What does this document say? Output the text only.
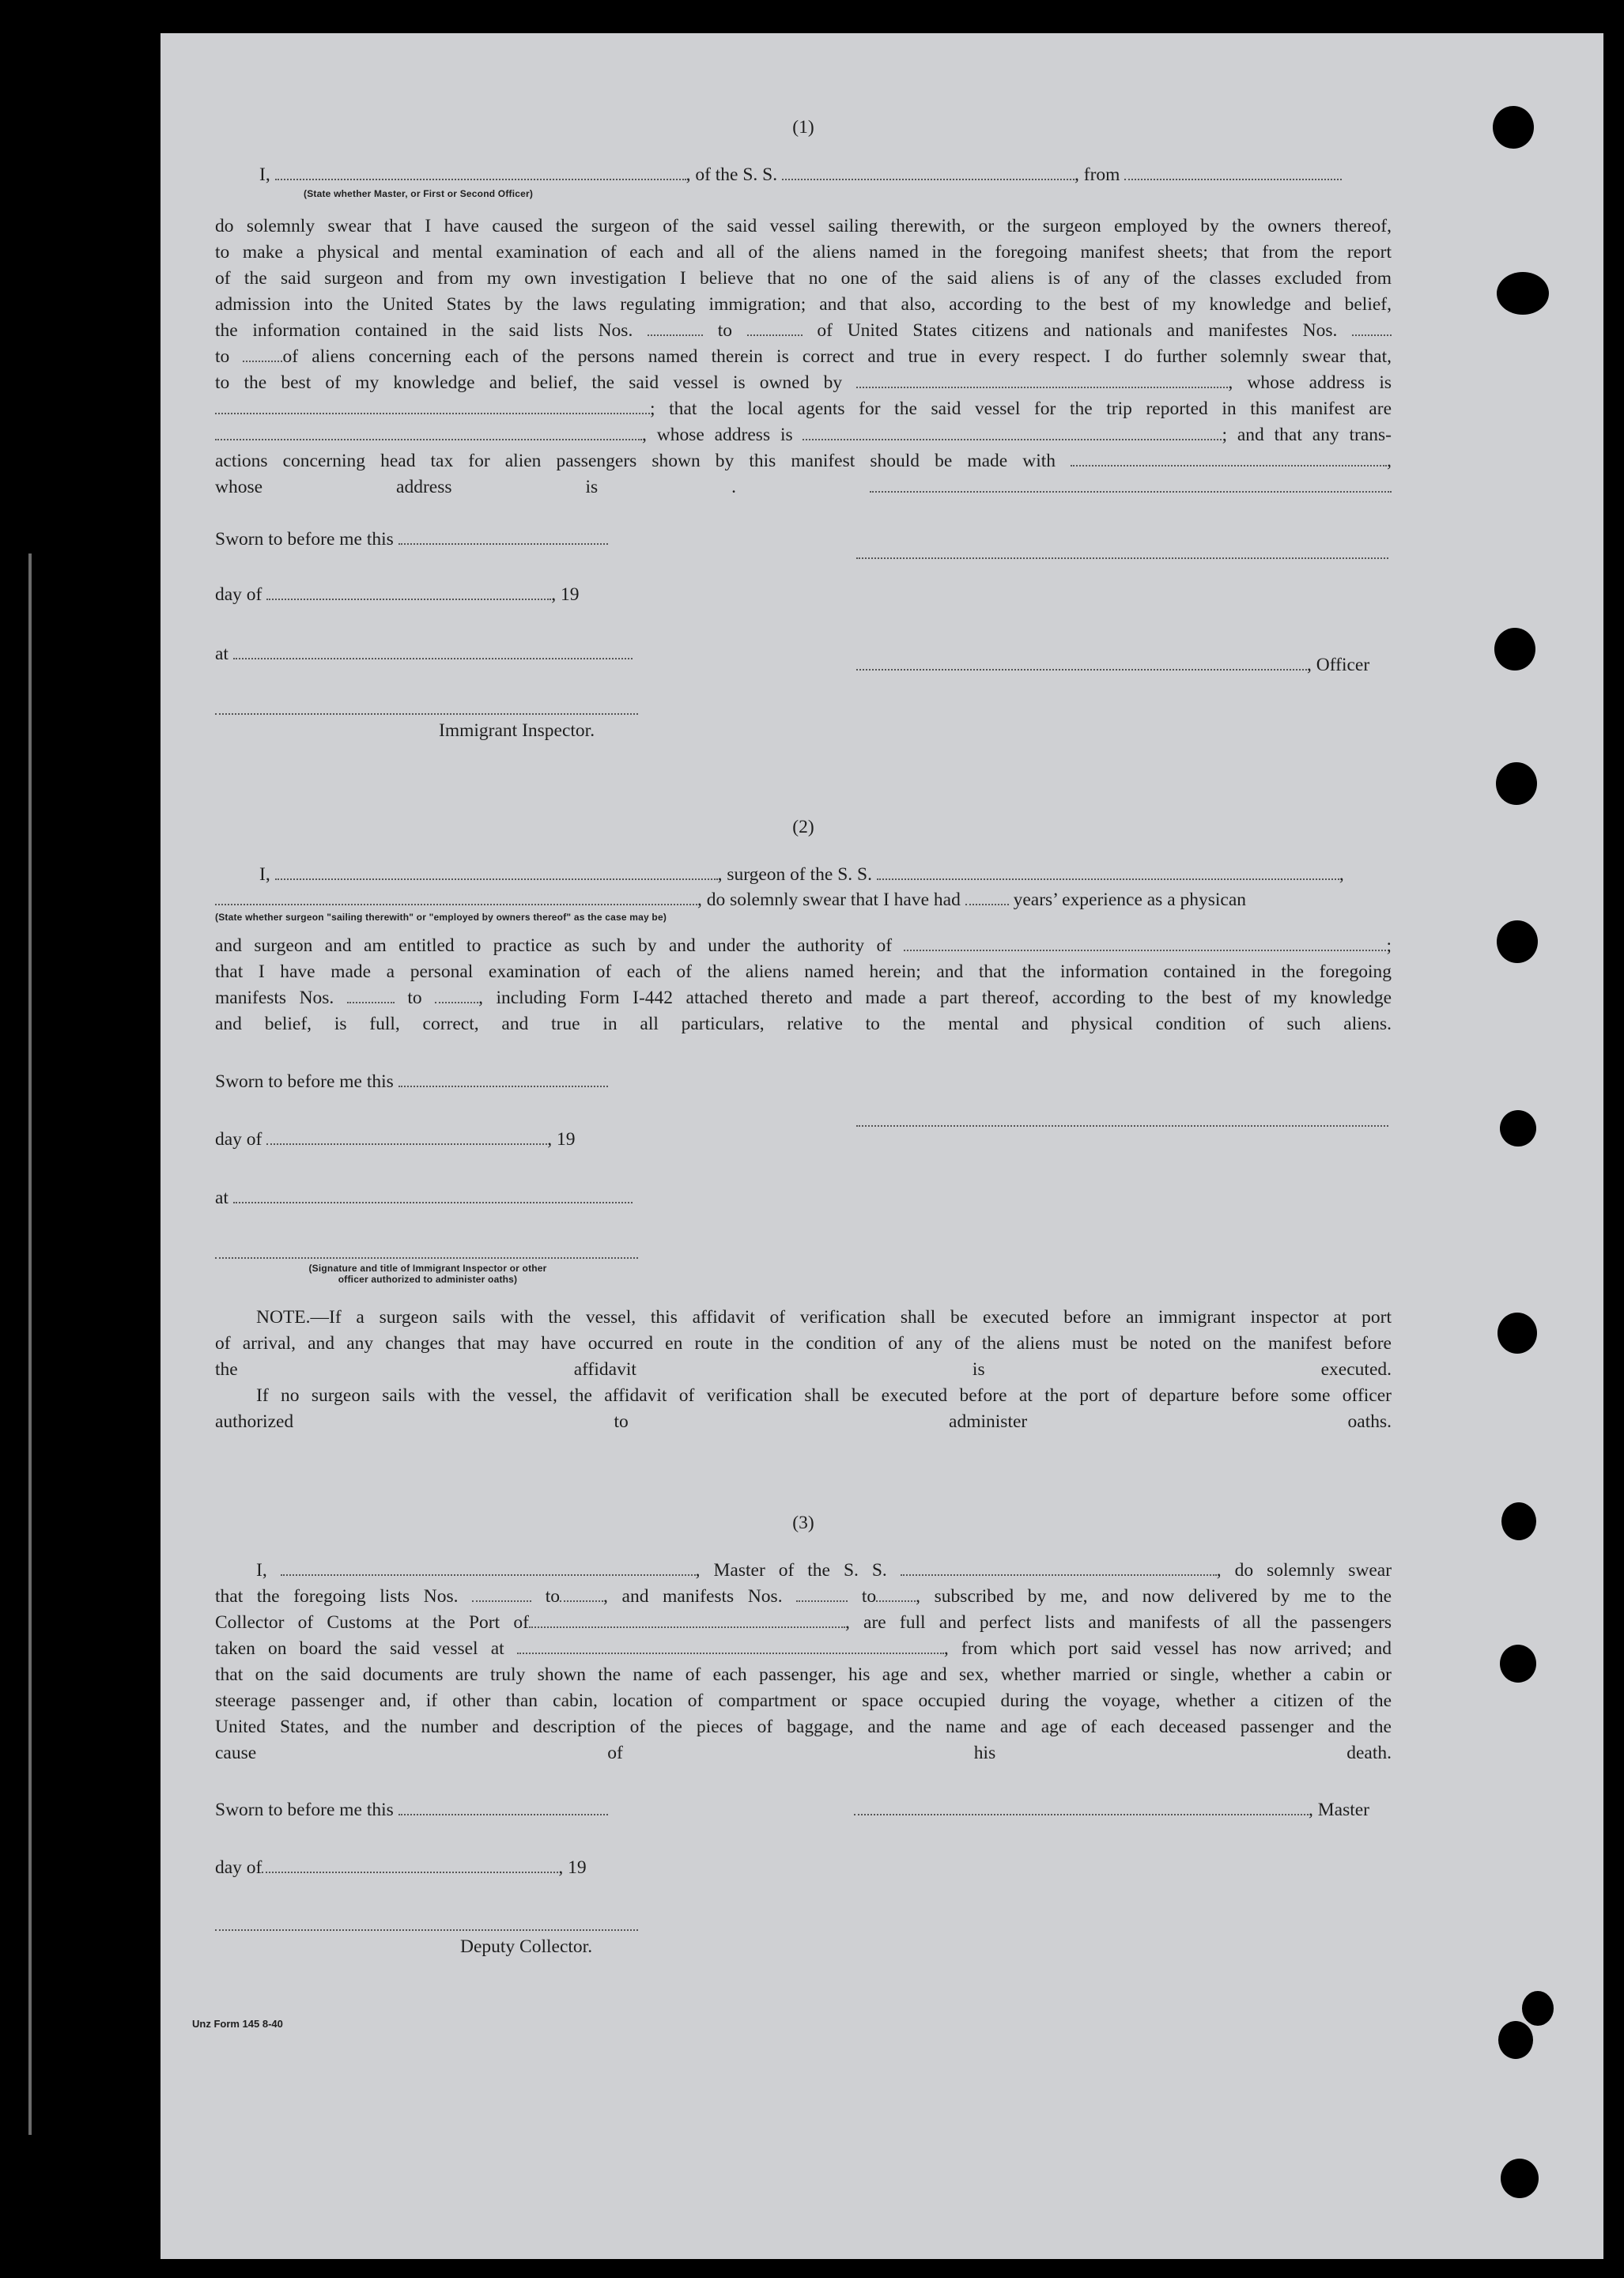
(1)
I,	, of the S. S.	, from
(State whether Master, or First or Second Officer)
do solemnly swear that I have caused the surgeon of the said vessel sailing therewith, or the surgeon employed by the owners thereof,
to make a physical and mental examination of each and all of the aliens named in the foregoing manifest sheets; that from the report
of the said surgeon and from my own investigation I believe that no one of the said aliens is of any of the classes excluded from
admission into the United States by the laws regulating immigration; and that also, according to the best of my knowledge and belief,
the information contained in the said lists Nos.	to	of United States citizens and nationals and manifestes Nos.
to	of aliens concerning each of the persons named therein is correct and true in every respect. I do further solemnly swear that,
to the best of my knowledge and belief, the said vessel is owned by	, whose address is
; that the local agents for the said vessel for the trip reported in this manifest are
, whose address is	; and that any trans-
actions concerning head tax for alien passengers shown by this manifest should be made with	,
whose address is .
Sworn to before me this
day of	, 19
at
, Officer
Immigrant Inspector.
(2)
I,	, surgeon of the S. S.	,
, do solemnly swear that I have had	years’ experience as a physican
(State whether surgeon "sailing therewith" or "employed by owners thereof" as the case may be)
and surgeon and am entitled to practice as such by and under the authority of	;
that I have made a personal examination of each of the aliens named herein; and that the information contained in the foregoing
manifests Nos.	to	, including Form I-442 attached thereto and made a part thereof, according to the best of my knowledge
and belief, is full, correct, and true in all particulars, relative to the mental and physical condition of such aliens.
Sworn to before me this
day of	, 19
at
(Signature and title of Immigrant Inspector or other
officer authorized to administer oaths)
NOTE.—If a surgeon sails with the vessel, this affidavit of verification shall be executed before an immigrant inspector at port
of arrival, and any changes that may have occurred en route in the condition of any of the aliens must be noted on the manifest before
the affidavit is executed.
If no surgeon sails with the vessel, the affidavit of verification shall be executed before at the port of departure before some officer
authorized to administer oaths.
(3)
I,	, Master of the S. S.	, do solemnly swear
that the foregoing lists Nos.	to , and manifests Nos.	to , subscribed by me, and now delivered by me to the
Collector of Customs at the Port of	, are full and perfect lists and manifests of all the passengers
taken on board the said vessel at	, from which port said vessel has now arrived; and
that on the said documents are truly shown the name of each passenger, his age and sex, whether married or single, whether a cabin or
steerage passenger and, if other than cabin, location of compartment or space occupied during the voyage, whether a citizen of the
United States, and the number and description of the pieces of baggage, and the name and age of each deceased passenger and the
cause of his death.
Sworn to before me this	, Master
day of	, 19
Deputy Collector.
Unz Form 145 8-40
